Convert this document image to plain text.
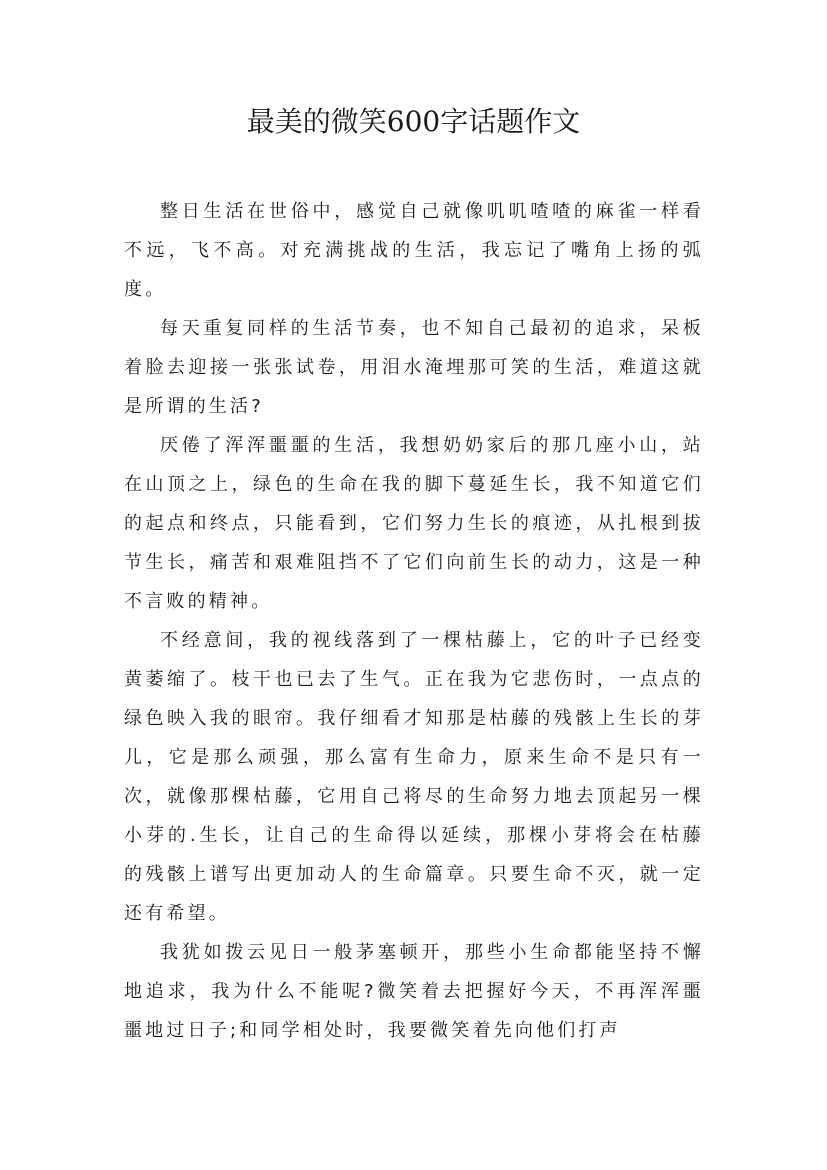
最美的微笑600字话题作文

整日生活在世俗中，感觉自己就像叽叽喳喳的麻雀一样看不远，飞不高。对充满挑战的生活，我忘记了嘴角上扬的弧度。

每天重复同样的生活节奏，也不知自己最初的追求，呆板着脸去迎接一张张试卷，用泪水淹埋那可笑的生活，难道这就是所谓的生活?

厌倦了浑浑噩噩的生活，我想奶奶家后的那几座小山，站在山顶之上，绿色的生命在我的脚下蔓延生长，我不知道它们的起点和终点，只能看到，它们努力生长的痕迹，从扎根到拔节生长，痛苦和艰难阻挡不了它们向前生长的动力，这是一种不言败的精神。

不经意间，我的视线落到了一棵枯藤上，它的叶子已经变黄萎缩了。枝干也已去了生气。正在我为它悲伤时，一点点的绿色映入我的眼帘。我仔细看才知那是枯藤的残骸上生长的芽儿，它是那么顽强，那么富有生命力，原来生命不是只有一次，就像那棵枯藤，它用自己将尽的生命努力地去顶起另一棵小芽的.生长，让自己的生命得以延续，那棵小芽将会在枯藤的残骸上谱写出更加动人的生命篇章。只要生命不灭，就一定还有希望。

我犹如拨云见日一般茅塞顿开，那些小生命都能坚持不懈地追求，我为什么不能呢?微笑着去把握好今天，不再浑浑噩噩地过日子;和同学相处时，我要微笑着先向他们打声
